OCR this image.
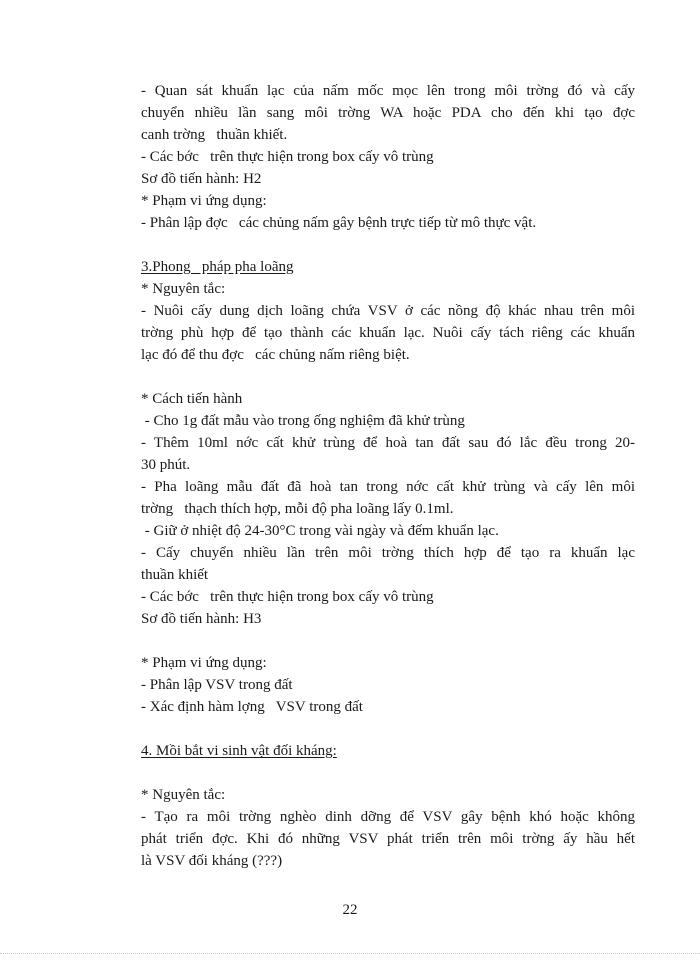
- Quan sát khuẩn lạc của nấm mốc mọc lên trong môi trờng đó và cấy
chuyển nhiều lần sang môi trờng WA hoặc PDA cho đến khi tạo đợc
canh trờng   thuần khiết.
- Các bớc   trên thực hiện trong box cấy vô trùng
Sơ đồ tiến hành: H2
* Phạm vi ứng dụng:
- Phân lập đợc   các chủng nấm gây bệnh trực tiếp từ mô thực vật.
3.Phong   pháp pha loãng
* Nguyên tắc:
- Nuôi cấy dung dịch loãng chứa VSV ở các nồng độ khác nhau trên môi
trờng phù hợp để tạo thành các khuẩn lạc. Nuôi cấy tách riêng các khuẩn
lạc đó để thu đợc   các chủng nấm riêng biệt.
* Cách tiến hành
- Cho 1g đất mẫu vào trong ống nghiệm đã khử trùng
- Thêm 10ml nớc cất khử trùng để hoà tan đất sau đó lắc đều trong 20-
30 phút.
- Pha loãng mẫu đất đã hoà tan trong nớc cất khử trùng và cấy lên môi
trờng   thạch thích hợp, mỗi độ pha loãng lấy 0.1ml.
- Giữ ở nhiệt độ 24-30°C trong vài ngày và đếm khuẩn lạc.
- Cấy chuyển nhiều lần trên môi trờng thích hợp để tạo ra khuẩn lạc
thuần khiết
- Các bớc   trên thực hiện trong box cấy vô trùng
Sơ đồ tiến hành: H3
* Phạm vi ứng dụng:
- Phân lập VSV trong đất
- Xác định hàm lợng   VSV trong đất
4. Mồi bắt vi sinh vật đối kháng:
* Nguyên tắc:
- Tạo ra môi trờng nghèo dinh dỡng để VSV gây bệnh khó hoặc không
phát triển đợc. Khi đó những VSV phát triển trên môi trờng ấy hầu hết
là VSV đối kháng (???)
22
